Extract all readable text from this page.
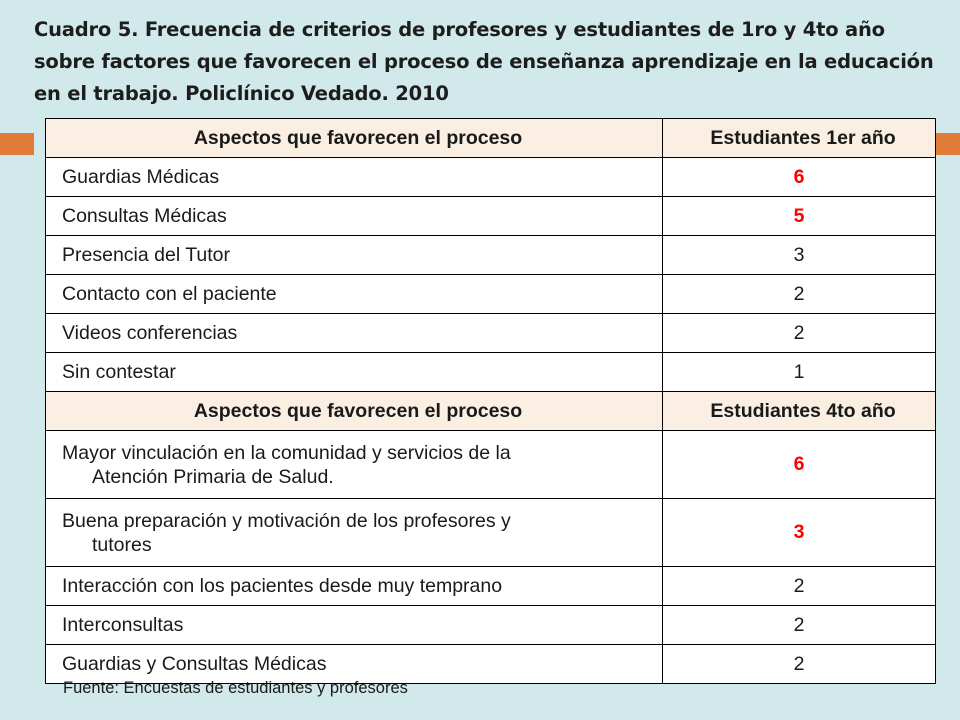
Cuadro 5. Frecuencia de criterios de profesores y estudiantes de 1ro y 4to año sobre factores que favorecen el proceso de enseñanza aprendizaje en la educación en el trabajo. Policlínico Vedado. 2010
Aspectos que favorecen el proceso	Estudiantes 1er año
Guardias Médicas	6
Consultas Médicas	5
Presencia del Tutor	3
Contacto con el paciente	2
Videos conferencias	2
Sin contestar	1
Aspectos que favorecen el proceso	Estudiantes 4to año
Mayor vinculación en la comunidad y servicios de la
Atención Primaria de Salud.	6
Buena preparación y motivación de los profesores y
tutores	3
Interacción con los pacientes desde muy temprano	2
Interconsultas	2
Guardias y Consultas Médicas	2
Fuente: Encuestas de estudiantes y profesores
